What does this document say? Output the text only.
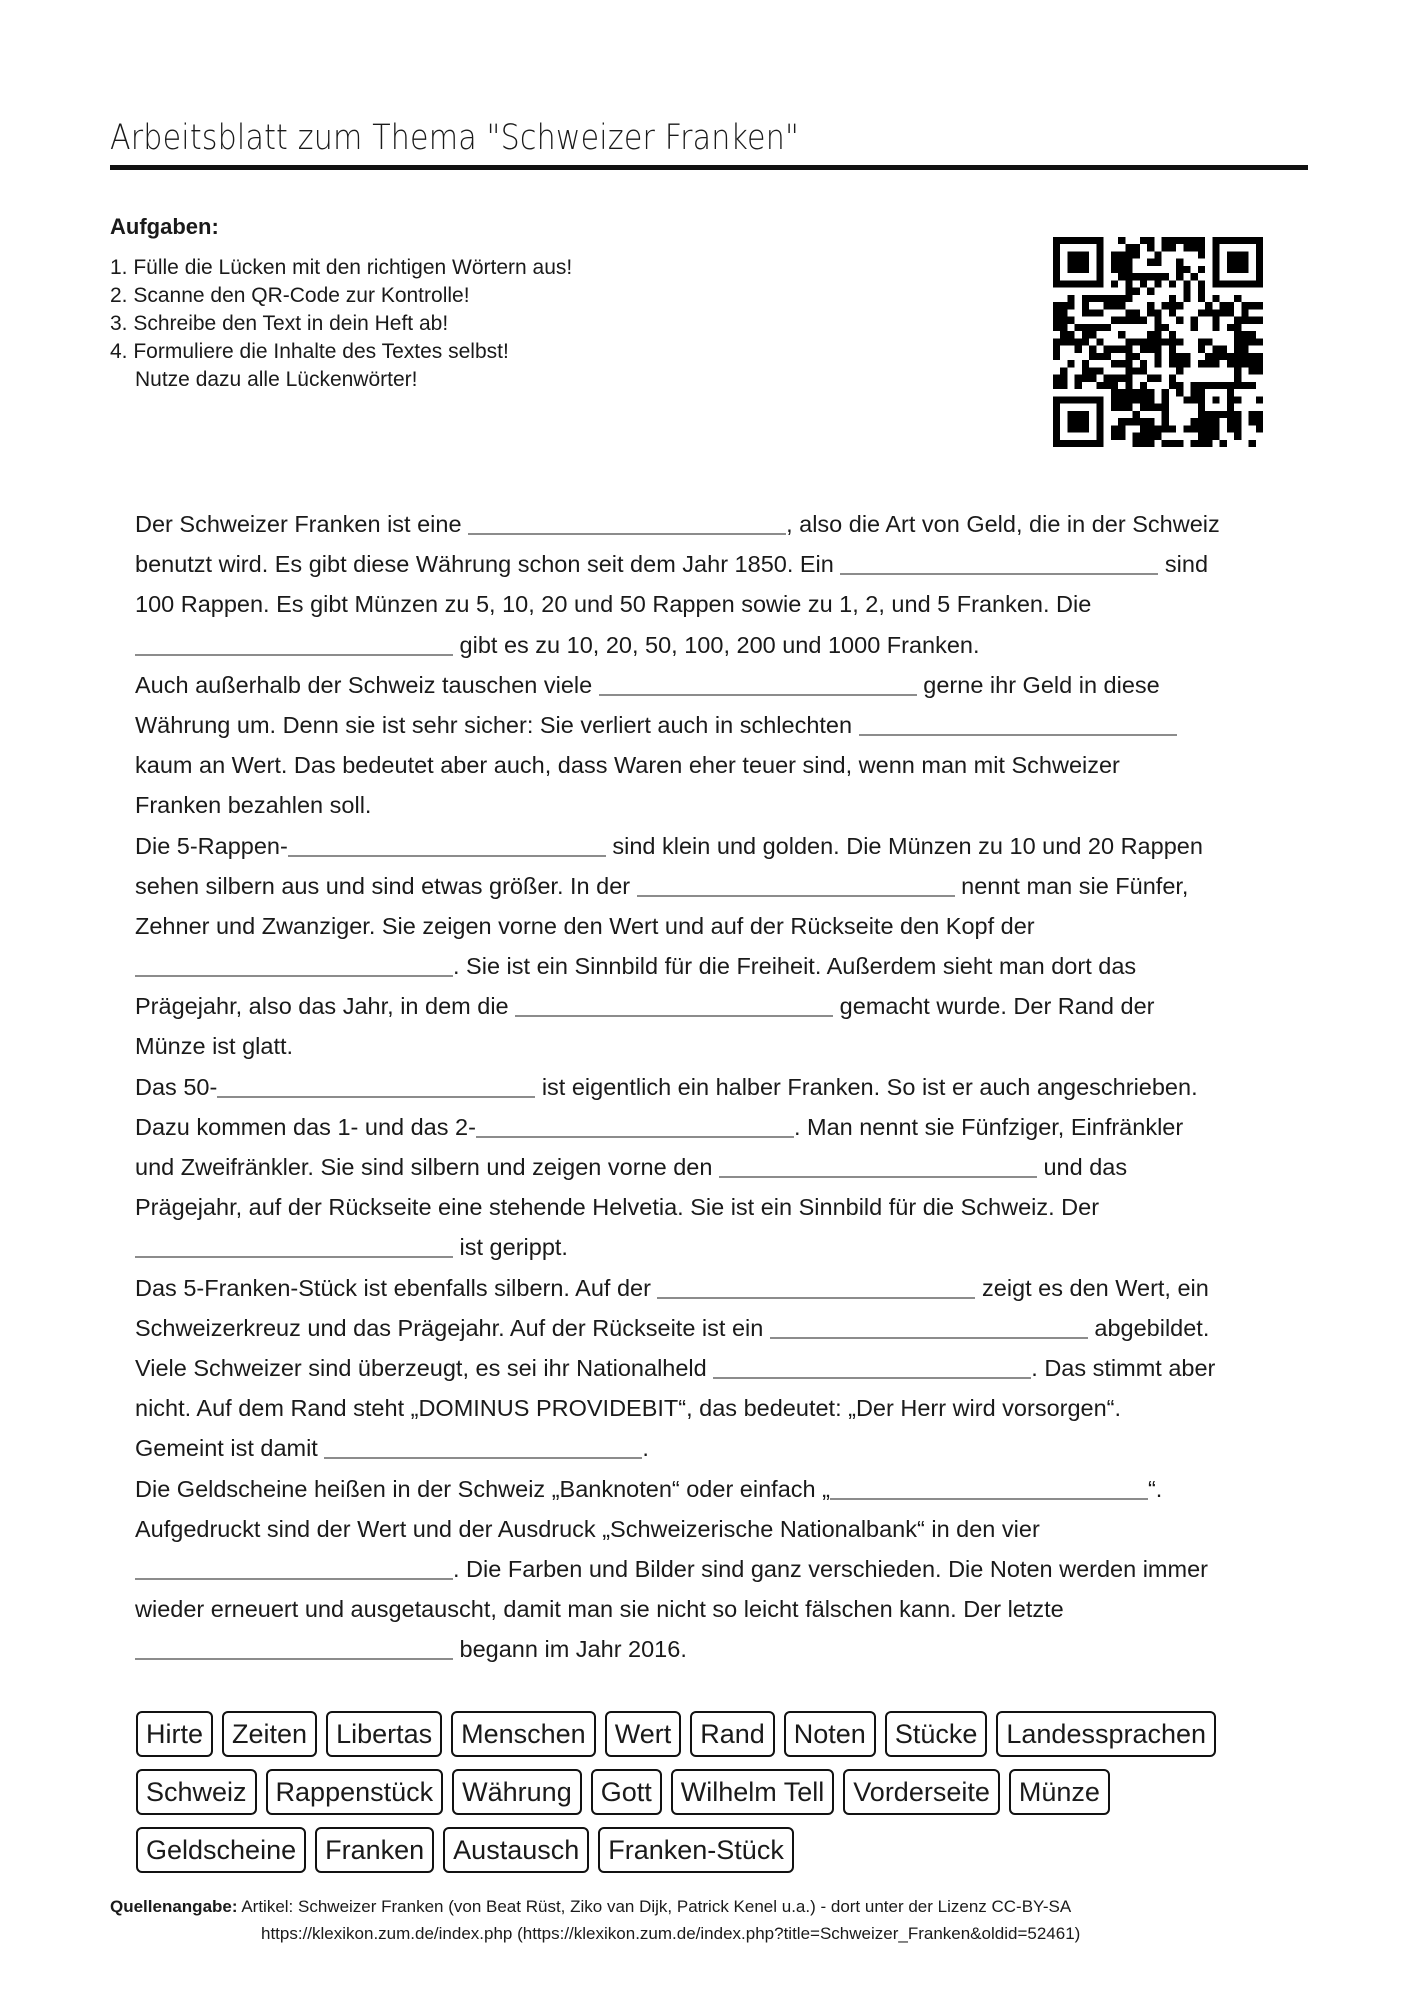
Arbeitsblatt zum Thema "Schweizer Franken"
Aufgaben:
1. Fülle die Lücken mit den richtigen Wörtern aus!
2. Scanne den QR-Code zur Kontrolle!
3. Schreibe den Text in dein Heft ab!
4. Formuliere die Inhalte des Textes selbst!
Nutze dazu alle Lückenwörter!
Der Schweizer Franken ist eine	, also die Art von Geld, die in der Schweiz
benutzt wird. Es gibt diese Währung schon seit dem Jahr 1850. Ein	sind
100 Rappen. Es gibt Münzen zu 5, 10, 20 und 50 Rappen sowie zu 1, 2, und 5 Franken. Die
gibt es zu 10, 20, 50, 100, 200 und 1000 Franken.
Auch außerhalb der Schweiz tauschen viele	gerne ihr Geld in diese
Währung um. Denn sie ist sehr sicher: Sie verliert auch in schlechten
kaum an Wert. Das bedeutet aber auch, dass Waren eher teuer sind, wenn man mit Schweizer
Franken bezahlen soll.
Die 5-Rappen-	sind klein und golden. Die Münzen zu 10 und 20 Rappen
sehen silbern aus und sind etwas größer. In der	nennt man sie Fünfer,
Zehner und Zwanziger. Sie zeigen vorne den Wert und auf der Rückseite den Kopf der
. Sie ist ein Sinnbild für die Freiheit. Außerdem sieht man dort das
Prägejahr, also das Jahr, in dem die	gemacht wurde. Der Rand der
Münze ist glatt.
Das 50-	ist eigentlich ein halber Franken. So ist er auch angeschrieben.
Dazu kommen das 1- und das 2-	. Man nennt sie Fünfziger, Einfränkler
und Zweifränkler. Sie sind silbern und zeigen vorne den	und das
Prägejahr, auf der Rückseite eine stehende Helvetia. Sie ist ein Sinnbild für die Schweiz. Der
ist gerippt.
Das 5-Franken-Stück ist ebenfalls silbern. Auf der	zeigt es den Wert, ein
Schweizerkreuz und das Prägejahr. Auf der Rückseite ist ein	abgebildet.
Viele Schweizer sind überzeugt, es sei ihr Nationalheld	. Das stimmt aber
nicht. Auf dem Rand steht „DOMINUS PROVIDEBIT“, das bedeutet: „Der Herr wird vorsorgen“.
Gemeint ist damit	.
Die Geldscheine heißen in der Schweiz „Banknoten“ oder einfach „	“.
Aufgedruckt sind der Wert und der Ausdruck „Schweizerische Nationalbank“ in den vier
. Die Farben und Bilder sind ganz verschieden. Die Noten werden immer
wieder erneuert und ausgetauscht, damit man sie nicht so leicht fälschen kann. Der letzte
begann im Jahr 2016.
Hirte	Zeiten	Libertas	Menschen	Wert	Rand	Noten	Stücke	Landessprachen
Schweiz	Rappenstück	Währung	Gott	Wilhelm Tell	Vorderseite	Münze
Geldscheine	Franken	Austausch	Franken-Stück
Quellenangabe: Artikel: Schweizer Franken (von Beat Rüst, Ziko van Dijk, Patrick Kenel u.a.) - dort unter der Lizenz CC-BY-SA
https://klexikon.zum.de/index.php (https://klexikon.zum.de/index.php?title=Schweizer_Franken&oldid=52461)
